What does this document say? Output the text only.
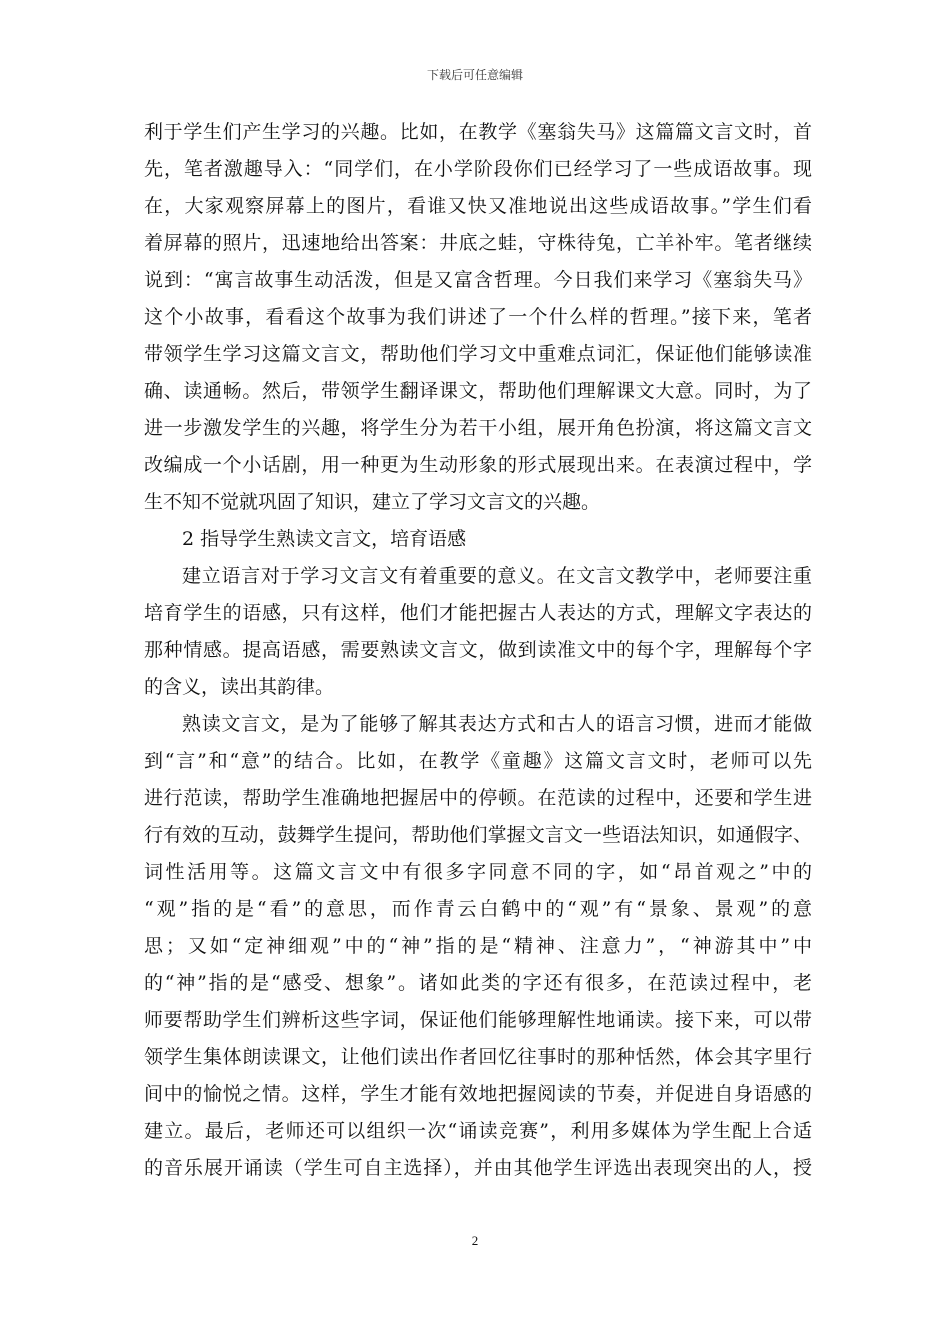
下载后可任意编辑
利于学生们产生学习的兴趣。比如，在教学《塞翁失马》这篇篇文言文时，首
先，笔者激趣导入：“同学们，在小学阶段你们已经学习了一些成语故事。现
在，大家观察屏幕上的图片，看谁又快又准地说出这些成语故事。”学生们看
着屏幕的照片，迅速地给出答案：井底之蛙，守株待兔，亡羊补牢。笔者继续
说到：“寓言故事生动活泼，但是又富含哲理。今日我们来学习《塞翁失马》
这个小故事，看看这个故事为我们讲述了一个什么样的哲理。”接下来，笔者
带领学生学习这篇文言文，帮助他们学习文中重难点词汇，保证他们能够读准
确、读通畅。然后，带领学生翻译课文，帮助他们理解课文大意。同时，为了
进一步激发学生的兴趣，将学生分为若干小组，展开角色扮演，将这篇文言文
改编成一个小话剧，用一种更为生动形象的形式展现出来。在表演过程中，学
生不知不觉就巩固了知识，建立了学习文言文的兴趣。
2 指导学生熟读文言文，培育语感
建立语言对于学习文言文有着重要的意义。在文言文教学中，老师要注重
培育学生的语感，只有这样，他们才能把握古人表达的方式，理解文字表达的
那种情感。提高语感，需要熟读文言文，做到读准文中的每个字，理解每个字
的含义，读出其韵律。
熟读文言文，是为了能够了解其表达方式和古人的语言习惯，进而才能做
到“言”和“意”的结合。比如，在教学《童趣》这篇文言文时，老师可以先
进行范读，帮助学生准确地把握居中的停顿。在范读的过程中，还要和学生进
行有效的互动，鼓舞学生提问，帮助他们掌握文言文一些语法知识，如通假字、
词性活用等。这篇文言文中有很多字同意不同的字，如“昂首观之”中的
“观”指的是“看”的意思，而作青云白鹤中的“观”有“景象、景观”的意
思；又如“定神细观”中的“神”指的是“精神、注意力”，“神游其中”中
的“神”指的是“感受、想象”。诸如此类的字还有很多，在范读过程中，老
师要帮助学生们辨析这些字词，保证他们能够理解性地诵读。接下来，可以带
领学生集体朗读课文，让他们读出作者回忆往事时的那种恬然，体会其字里行
间中的愉悦之情。这样，学生才能有效地把握阅读的节奏，并促进自身语感的
建立。最后，老师还可以组织一次“诵读竞赛”，利用多媒体为学生配上合适
的音乐展开诵读（学生可自主选择），并由其他学生评选出表现突出的人，授
2
